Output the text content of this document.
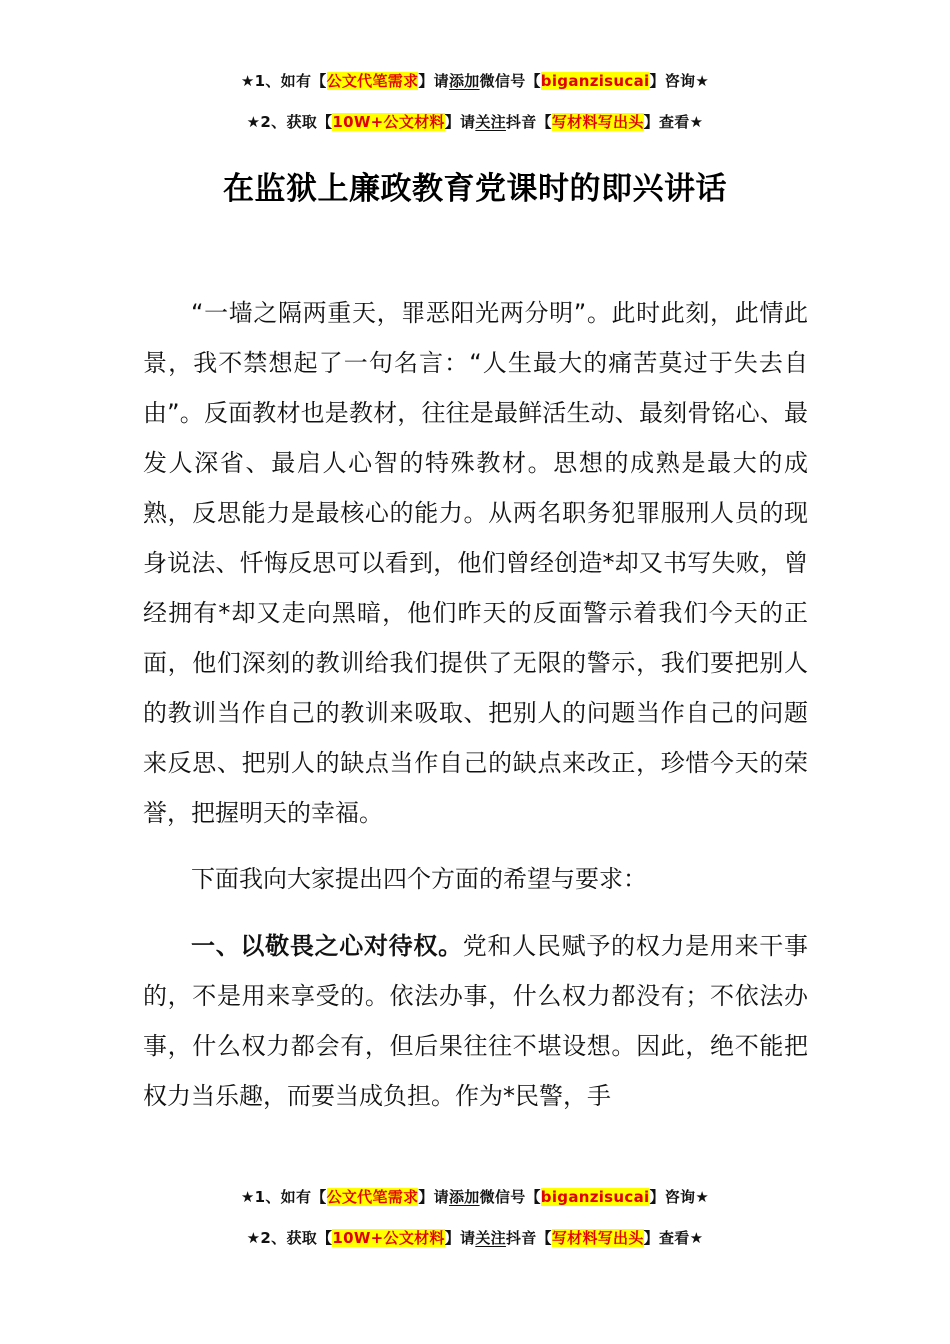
★1、如有【公文代笔需求】请添加微信号【biganzisucai】咨询★
★2、获取【10W+公文材料】请关注抖音【写材料写出头】查看★
在监狱上廉政教育党课时的即兴讲话

“一墙之隔两重天，罪恶阳光两分明”。此时此刻，此情此景，我不禁想起了一句名言：“人生最大的痛苦莫过于失去自由”。反面教材也是教材，往往是最鲜活生动、最刻骨铭心、最发人深省、最启人心智的特殊教材。思想的成熟是最大的成熟，反思能力是最核心的能力。从两名职务犯罪服刑人员的现身说法、忏悔反思可以看到，他们曾经创造*却又书写失败，曾经拥有*却又走向黑暗，他们昨天的反面警示着我们今天的正面，他们深刻的教训给我们提供了无限的警示，我们要把别人的教训当作自己的教训来吸取、把别人的问题当作自己的问题来反思、把别人的缺点当作自己的缺点来改正，珍惜今天的荣誉，把握明天的幸福。

下面我向大家提出四个方面的希望与要求：

一、以敬畏之心对待权。党和人民赋予的权力是用来干事的，不是用来享受的。依法办事，什么权力都没有；不依法办事，什么权力都会有，但后果往往不堪设想。因此，绝不能把权力当乐趣，而要当成负担。作为*民警，手

★1、如有【公文代笔需求】请添加微信号【biganzisucai】咨询★
★2、获取【10W+公文材料】请关注抖音【写材料写出头】查看★
